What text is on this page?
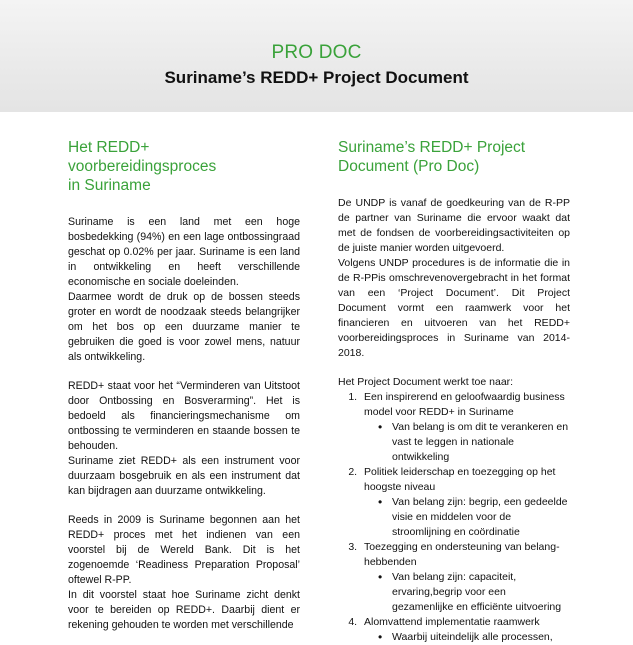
PRO DOC
Suriname’s REDD+ Project Document
Het REDD+ voorbereidingsproces
in Suriname

Suriname is een land met een hoge bosbedekking (94%) en een lage ontbossingraad geschat op 0.02% per jaar. Suriname is een land in ontwikkeling en heeft verschillende economische en sociale doeleinden.

Daarmee wordt de druk op de bossen steeds groter en wordt de noodzaak steeds belangrijker om het bos op een duurzame manier te gebruiken die goed is voor zowel mens, natuur als ontwikkeling.

REDD+ staat voor het “Verminderen van Uitstoot door Ontbossing en Bosverarming”. Het is bedoeld als financieringsmechanisme om ontbossing te verminderen en staande bossen te behouden.

Suriname ziet REDD+ als een instrument voor duurzaam bosgebruik en als een instrument dat kan bijdragen aan duurzame ontwikkeling.

Reeds in 2009 is Suriname begonnen aan het REDD+ proces met het indienen van een voorstel bij de Wereld Bank. Dit is het zogenoemde ‘Readiness Preparation Proposal’ oftewel R-PP.

In dit voorstel staat hoe Suriname zicht denkt voor te bereiden op REDD+. Daarbij dient er rekening gehouden te worden met verschillende

Suriname’s REDD+ Project
Document (Pro Doc)

De UNDP is vanaf de goedkeuring van de R-PP de partner van Suriname die ervoor waakt dat met de fondsen de voorbereidingsactiviteiten op de juiste manier worden uitgevoerd.

Volgens UNDP procedures is de informatie die in de R-PPis omschrevenovergebracht in het format van een ‘Project Document’. Dit Project Document vormt een raamwerk voor het financieren en uitvoeren van het REDD+ voorbereidingsproces in Suriname van 2014-2018.

Het Project Document werkt toe naar:

1. Een inspirerend en geloofwaardig business model voor REDD+ in Suriname
• Van belang is om dit te verankeren en vast te leggen in nationale ontwikkeling
2. Politiek leiderschap en toezegging op het hoogste niveau
• Van belang zijn: begrip, een gedeelde visie en middelen voor de stroomlijning en coördinatie
3. Toezegging en ondersteuning van belang-hebbenden
• Van belang zijn: capaciteit, ervaring,begrip voor een gezamenlijke en efficiënte uitvoering
4. Alomvattend implementatie raamwerk
• Waarbij uiteindelijk alle processen,
